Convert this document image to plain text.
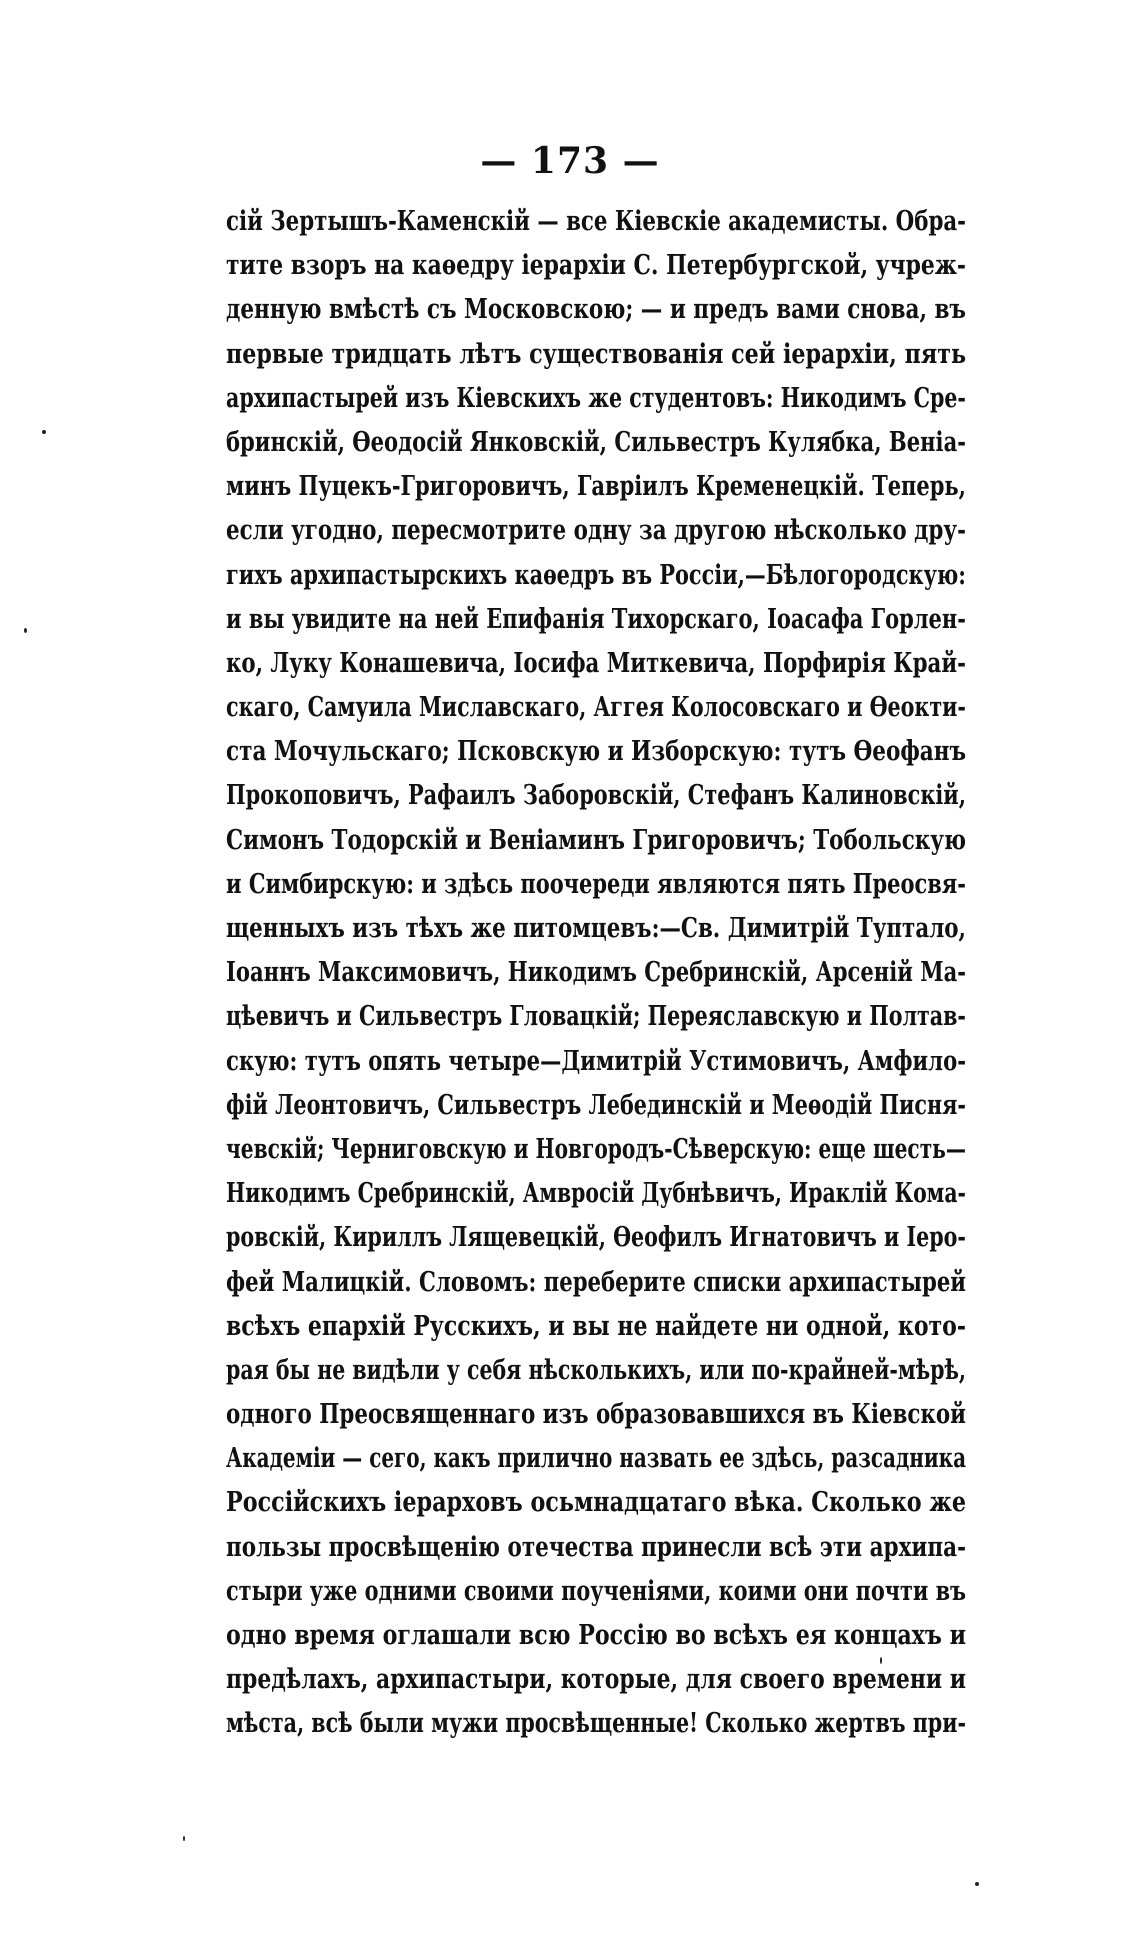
— 173 —
сій Зертышъ-Каменскій — все Кіевскіе академисты. Обра-
тите взоръ на каѳедру іерархіи С. Петербургской, учреж-
денную вмѣстѣ съ Московскою; — и предъ вами снова, въ
первые тридцать лѣтъ существованія сей іерархіи, пять
архипастырей изъ Кіевскихъ же студентовъ: Никодимъ Сре-
бринскій, Ѳеодосій Янковскій, Сильвестръ Кулябка, Веніа-
минъ Пуцекъ-Григоровичъ, Гавріилъ Кременецкій. Теперь,
если угодно, пересмотрите одну за другою нѣсколько дру-
гихъ архипастырскихъ каѳедръ въ Россіи,—Бѣлогородскую:
и вы увидите на ней Епифанія Тихорскаго, Іоасафа Горлен-
ко, Луку Конашевича, Іосифа Миткевича, Порфирія Край-
скаго, Самуила Миславскаго, Аггея Колосовскаго и Ѳеокти-
ста Мочульскаго; Псковскую и Изборскую: тутъ Ѳеофанъ
Прокоповичъ, Рафаилъ Заборовскій, Стефанъ Калиновскій,
Симонъ Тодорскій и Веніаминъ Григоровичъ; Тобольскую
и Симбирскую: и здѣсь поочереди являются пять Преосвя-
щенныхъ изъ тѣхъ же питомцевъ:—Св. Димитрій Туптало,
Іоаннъ Максимовичъ, Никодимъ Сребринскій, Арсеній Ма-
цѣевичъ и Сильвестръ Гловацкій; Переяславскую и Полтав-
скую: тутъ опять четыре—Димитрій Устимовичъ, Амфило-
фій Леонтовичъ, Сильвестръ Лебединскій и Меѳодій Писня-
чевскій; Черниговскую и Новгородъ-Сѣверскую: еще шесть—
Никодимъ Сребринскій, Амвросій Дубнѣвичъ, Ираклій Кома-
ровскій, Кириллъ Лящевецкій, Ѳеофилъ Игнатовичъ и Іеро-
фей Малицкій. Словомъ: переберите списки архипастырей
всѣхъ епархій Русскихъ, и вы не найдете ни одной, кото-
рая бы не видѣли у себя нѣсколькихъ, или по-крайней-мѣрѣ,
одного Преосвященнаго изъ образовавшихся въ Кіевской
Академіи — сего, какъ прилично назвать ее здѣсь, разсадника
Россійскихъ іерарховъ осьмнадцатаго вѣка. Сколько же
пользы просвѣщенію отечества принесли всѣ эти архипа-
стыри уже одними своими поученіями, коими они почти въ
одно время оглашали всю Россію во всѣхъ ея концахъ и
предѣлахъ, архипастыри, которые, для своего времени и
мѣста, всѣ были мужи просвѣщенные! Сколько жертвъ при-
